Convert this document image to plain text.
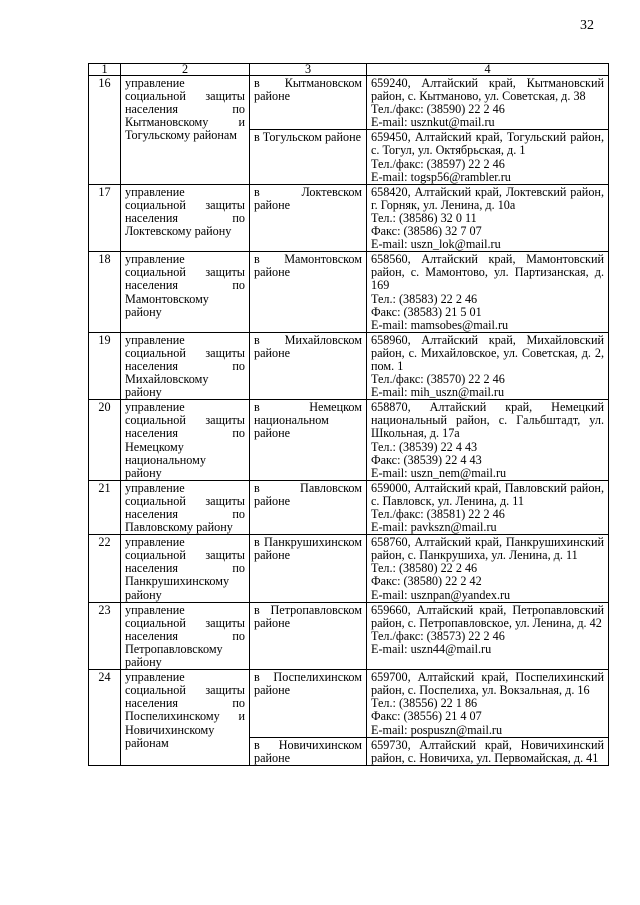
32
1	2	3	4
16	управление социальной защиты населения по Кытмановскому и Тогульскому районам	в Кытмановском районе	659240, Алтайский край, Кытмановский район, с. Кытманово, ул. Советская, д. 38
Тел./факс: (38590) 22 2 46
E-mail: usznkut@mail.ru

		в Тогульском районе	659450, Алтайский край, Тогульский район, с. Тогул, ул. Октябрьская, д. 1
Тел./факс: (38597) 22 2 46
E-mail: togsp56@rambler.ru

17	управление социальной защиты населения по Локтевскому району	в Локтевском районе	658420, Алтайский край, Локтевский район, г. Горняк, ул. Ленина, д. 10а
Тел.: (38586) 32 0 11
Факс: (38586) 32 7 07
E-mail: uszn_lok@mail.ru

18	управление социальной защиты населения по Мамонтовскому району	в Мамонтовском районе	658560, Алтайский край, Мамонтовский район, с. Мамонтово, ул. Партизанская, д. 169
Тел.: (38583) 22 2 46
Факс: (38583) 21 5 01
E-mail: mamsobes@mail.ru

19	управление социальной защиты населения по Михайловскому району	в Михайловском районе	658960, Алтайский край, Михайловский район, с. Михайловское, ул. Советская, д. 2, пом. 1
Тел./факс: (38570) 22 2 46
E-mail: mih_uszn@mail.ru

20	управление социальной защиты населения по Немецкому национальному району	в Немецком национальном районе	658870, Алтайский край, Немецкий национальный район, с. Гальбштадт, ул. Школьная, д. 17а
Тел.: (38539) 22 4 43
Факс: (38539) 22 4 43
E-mail: uszn_nem@mail.ru

21	управление социальной защиты населения по Павловскому району	в Павловском районе	659000, Алтайский край, Павловский район, с. Павловск, ул. Ленина, д. 11
Тел./факс: (38581) 22 2 46
E-mail: pavkszn@mail.ru

22	управление социальной защиты населения по Панкрушихинскому району	в Панкрушихинском районе	658760, Алтайский край, Панкрушихинский район, с. Панкрушиха, ул. Ленина, д. 11
Тел.: (38580) 22 2 46
Факс: (38580) 22 2 42
E-mail: usznpan@yandex.ru

23	управление социальной защиты населения по Петропавловскому району	в Петропавловском районе	659660, Алтайский край, Петропавловский район, с. Петропавловское, ул. Ленина, д. 42
Тел./факс: (38573) 22 2 46
E-mail: uszn44@mail.ru

24	управление социальной защиты населения по Поспелихинскому и Новичихинскому районам	в Поспелихинском районе	659700, Алтайский край, Поспелихинский район, с. Поспелиха, ул. Вокзальная, д. 16
Тел.: (38556) 22 1 86
Факс: (38556) 21 4 07
E-mail: pospuszn@mail.ru

		в Новичихинском районе	659730, Алтайский край, Новичихинский район, с. Новичиха, ул. Первомайская, д. 41
